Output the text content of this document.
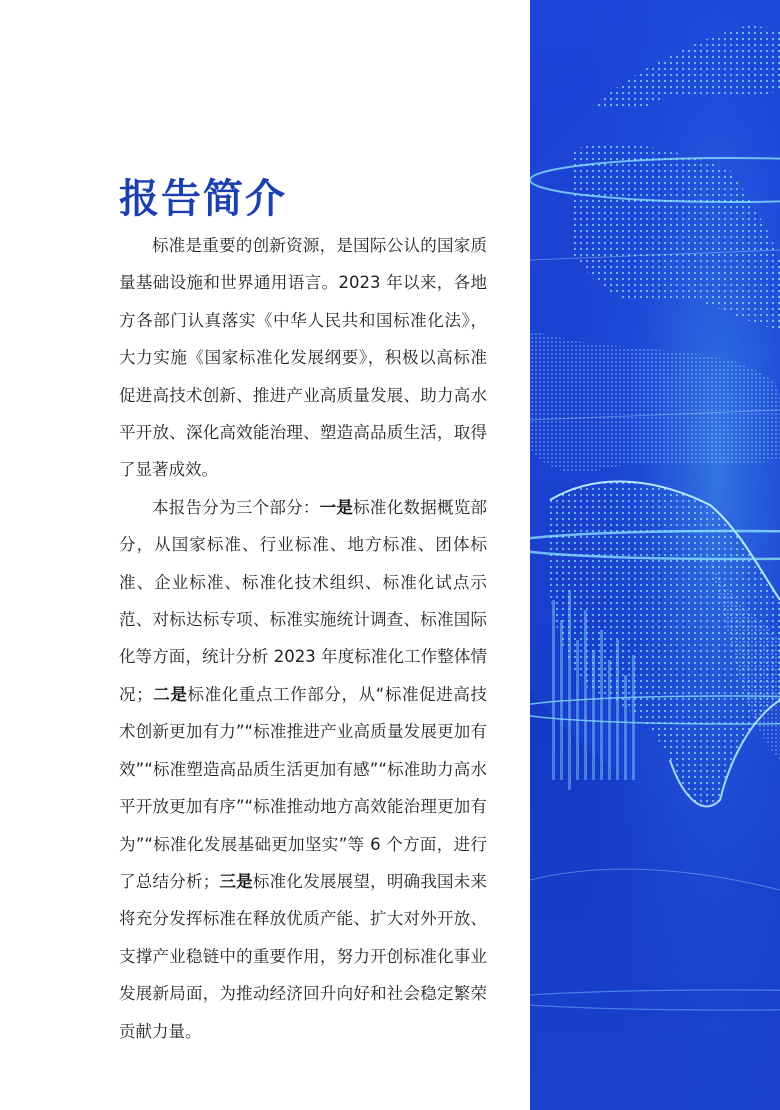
报告简介

标准是重要的创新资源，是国际公认的国家质量基础设施和世界通用语言。2023 年以来，各地方各部门认真落实《中华人民共和国标准化法》，大力实施《国家标准化发展纲要》，积极以高标准促进高技术创新、推进产业高质量发展、助力高水平开放、深化高效能治理、塑造高品质生活，取得了显著成效。

本报告分为三个部分：一是标准化数据概览部分，从国家标准、行业标准、地方标准、团体标准、企业标准、标准化技术组织、标准化试点示范、对标达标专项、标准实施统计调查、标准国际化等方面，统计分析 2023 年度标准化工作整体情况；二是标准化重点工作部分，从“标准促进高技术创新更加有力”“标准推进产业高质量发展更加有效”“标准塑造高品质生活更加有感”“标准助力高水平开放更加有序”“标准推动地方高效能治理更加有为”“标准化发展基础更加坚实”等 6 个方面，进行了总结分析；三是标准化发展展望，明确我国未来将充分发挥标准在释放优质产能、扩大对外开放、支撑产业稳链中的重要作用，努力开创标准化事业发展新局面，为推动经济回升向好和社会稳定繁荣贡献力量。
